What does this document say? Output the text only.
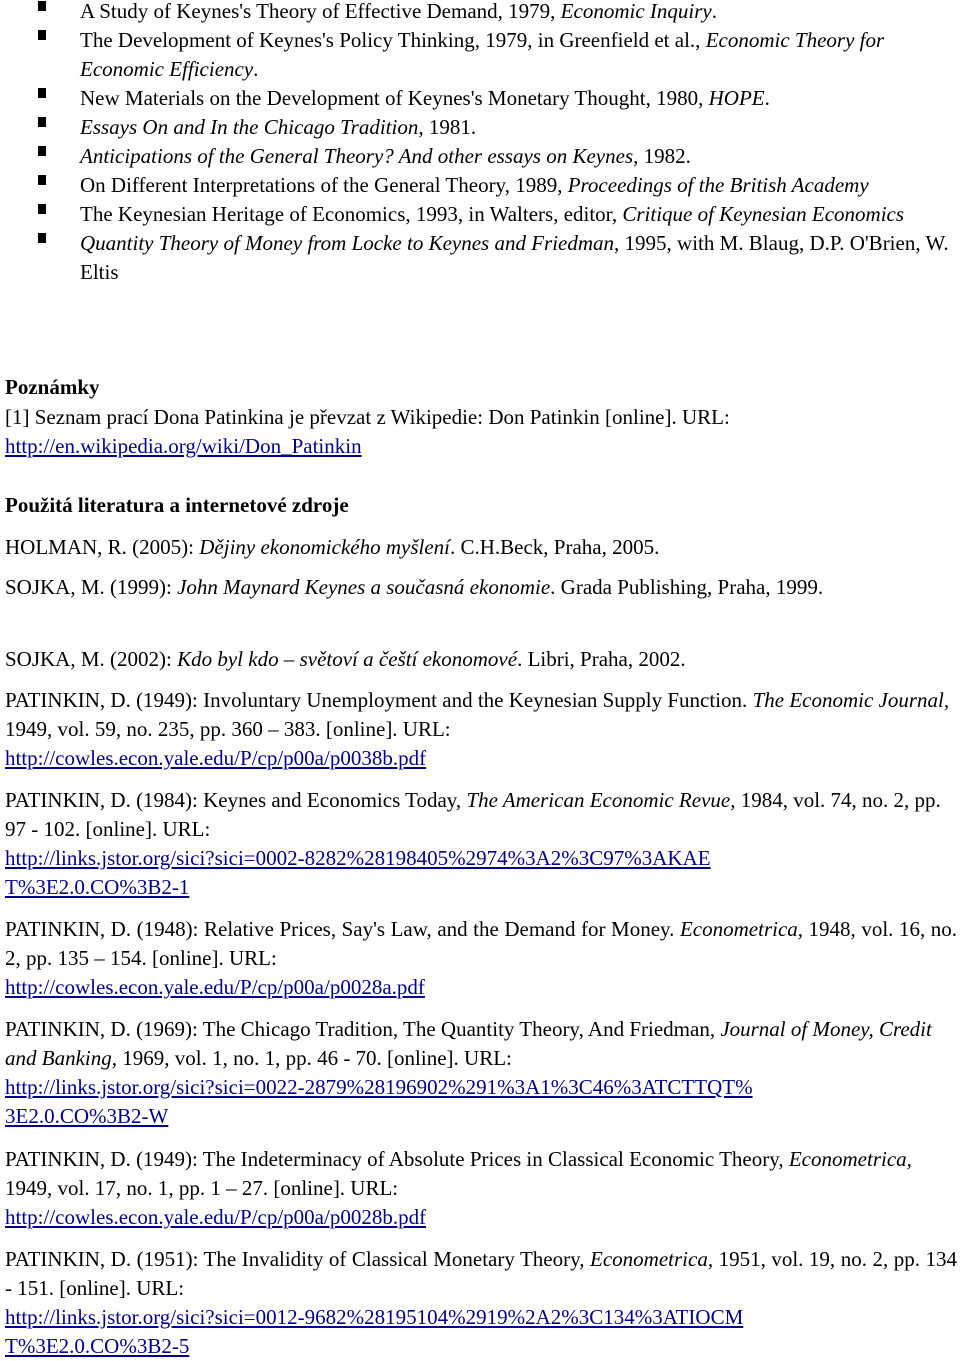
A Study of Keynes's Theory of Effective Demand, 1979, Economic Inquiry.
The Development of Keynes's Policy Thinking, 1979, in Greenfield et al., Economic Theory for Economic Efficiency.
New Materials on the Development of Keynes's Monetary Thought, 1980, HOPE.
Essays On and In the Chicago Tradition, 1981.
Anticipations of the General Theory? And other essays on Keynes, 1982.
On Different Interpretations of the General Theory, 1989, Proceedings of the British Academy
The Keynesian Heritage of Economics, 1993, in Walters, editor, Critique of Keynesian Economics
Quantity Theory of Money from Locke to Keynes and Friedman, 1995, with M. Blaug, D.P. O'Brien, W. Eltis
Poznámky
[1] Seznam prací Dona Patinkina je převzat z Wikipedie: Don Patinkin [online]. URL:
http://en.wikipedia.org/wiki/Don_Patinkin
Použitá literatura a internetové zdroje
HOLMAN, R. (2005): Dějiny ekonomického myšlení. C.H.Beck, Praha, 2005.
SOJKA, M. (1999): John Maynard Keynes a současná ekonomie. Grada Publishing, Praha, 1999.
SOJKA, M. (2002): Kdo byl kdo – světoví a čeští ekonomové. Libri, Praha, 2002.
PATINKIN, D. (1949): Involuntary Unemployment and the Keynesian Supply Function. The Economic Journal, 1949, vol. 59, no. 235, pp. 360 – 383. [online]. URL:
http://cowles.econ.yale.edu/P/cp/p00a/p0038b.pdf
PATINKIN, D. (1984): Keynes and Economics Today, The American Economic Revue, 1984, vol. 74, no. 2, pp. 97 - 102. [online]. URL:
http://links.jstor.org/sici?sici=0002-8282%28198405%2974%3A2%3C97%3AKAET%3E2.0.CO%3B2-1
PATINKIN, D. (1948): Relative Prices, Say's Law, and the Demand for Money. Econometrica, 1948, vol. 16, no. 2, pp. 135 – 154. [online]. URL:
http://cowles.econ.yale.edu/P/cp/p00a/p0028a.pdf
PATINKIN, D. (1969): The Chicago Tradition, The Quantity Theory, And Friedman, Journal of Money, Credit and Banking, 1969, vol. 1, no. 1, pp. 46 - 70. [online]. URL:
http://links.jstor.org/sici?sici=0022-2879%28196902%291%3A1%3C46%3ATCTTQT%3E2.0.CO%3B2-W
PATINKIN, D. (1949): The Indeterminacy of Absolute Prices in Classical Economic Theory, Econometrica, 1949, vol. 17, no. 1, pp. 1 – 27. [online]. URL:
http://cowles.econ.yale.edu/P/cp/p00a/p0028b.pdf
PATINKIN, D. (1951): The Invalidity of Classical Monetary Theory, Econometrica, 1951, vol. 19, no. 2, pp. 134 - 151. [online]. URL:
http://links.jstor.org/sici?sici=0012-9682%28195104%2919%2A2%3C134%3ATIOCMT%3E2.0.CO%3B2-5
